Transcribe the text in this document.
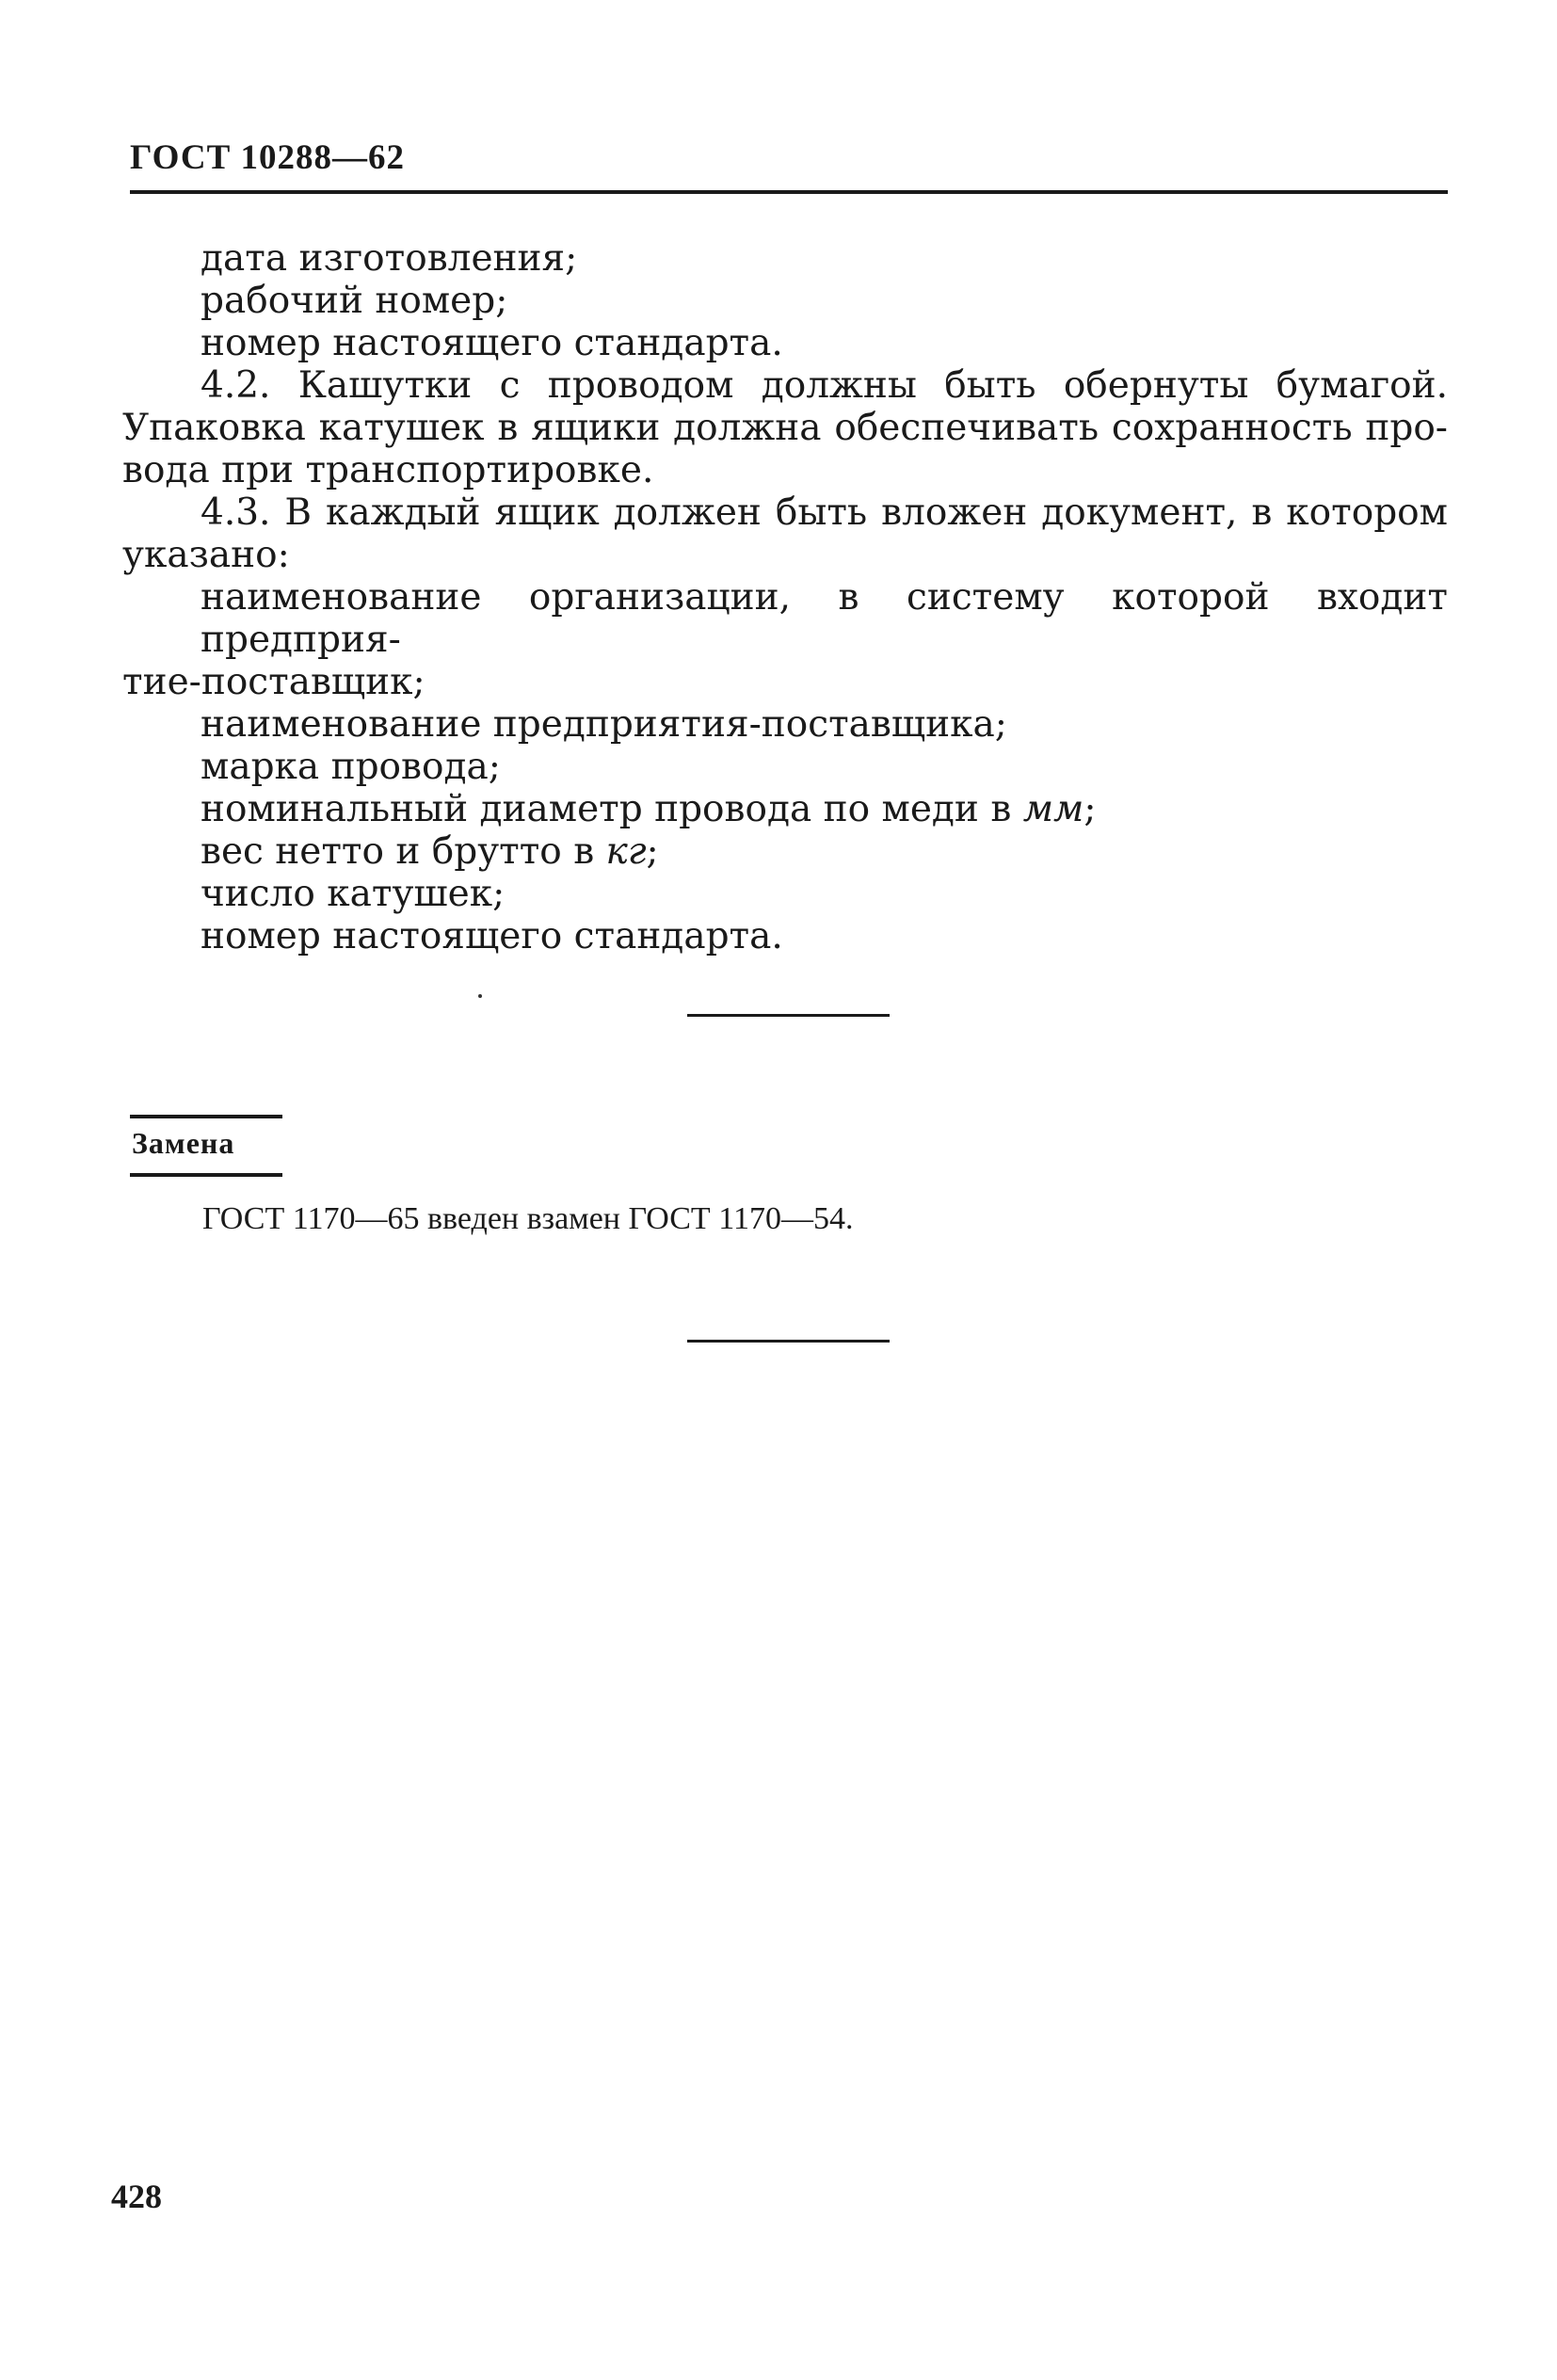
ГОСТ 10288—62
дата изготовления;
рабочий номер;
номер настоящего стандарта.
4.2. Кашутки с проводом должны быть обернуты бумагой.
Упаковка катушек в ящики должна обеспечивать сохранность про-
вода при транспортировке.
4.3. В каждый ящик должен быть вложен документ, в котором
указано:
наименование организации, в систему которой входит предприя-
тие-поставщик;
наименование предприятия-поставщика;
марка провода;
номинальный диаметр провода по меди в мм;
вес нетто и брутто в кг;
число катушек;
номер настоящего стандарта.
Замена
ГОСТ 1170—65 введен взамен ГОСТ 1170—54.
428
